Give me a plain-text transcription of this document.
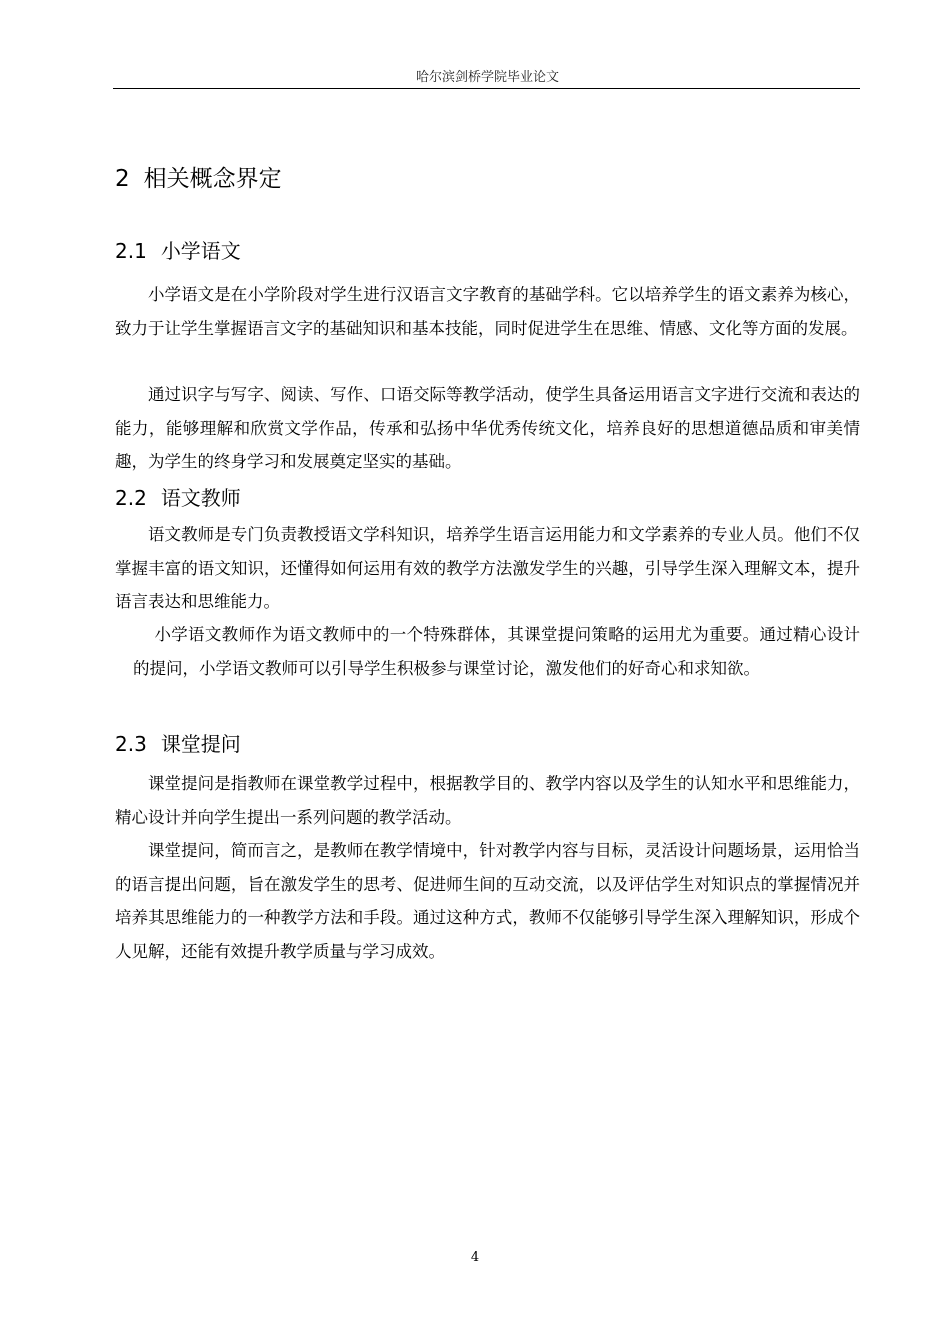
哈尔滨剑桥学院毕业论文
2 相关概念界定
2.1 小学语文
小学语文是在小学阶段对学生进行汉语言文字教育的基础学科。它以培养学生的语文素养为核心，致力于让学生掌握语言文字的基础知识和基本技能，同时促进学生在思维、情感、文化等方面的发展。
通过识字与写字、阅读、写作、口语交际等教学活动，使学生具备运用语言文字进行交流和表达的能力，能够理解和欣赏文学作品，传承和弘扬中华优秀传统文化，培养良好的思想道德品质和审美情趣，为学生的终身学习和发展奠定坚实的基础。
2.2 语文教师
语文教师是专门负责教授语文学科知识，培养学生语言运用能力和文学素养的专业人员。他们不仅掌握丰富的语文知识，还懂得如何运用有效的教学方法激发学生的兴趣，引导学生深入理解文本，提升语言表达和思维能力。
小学语文教师作为语文教师中的一个特殊群体，其课堂提问策略的运用尤为重要。通过精心设计的提问，小学语文教师可以引导学生积极参与课堂讨论，激发他们的好奇心和求知欲。
2.3 课堂提问
课堂提问是指教师在课堂教学过程中，根据教学目的、教学内容以及学生的认知水平和思维能力，精心设计并向学生提出一系列问题的教学活动。
课堂提问，简而言之，是教师在教学情境中，针对教学内容与目标，灵活设计问题场景，运用恰当的语言提出问题，旨在激发学生的思考、促进师生间的互动交流，以及评估学生对知识点的掌握情况并培养其思维能力的一种教学方法和手段。通过这种方式，教师不仅能够引导学生深入理解知识，形成个人见解，还能有效提升教学质量与学习成效。
4
